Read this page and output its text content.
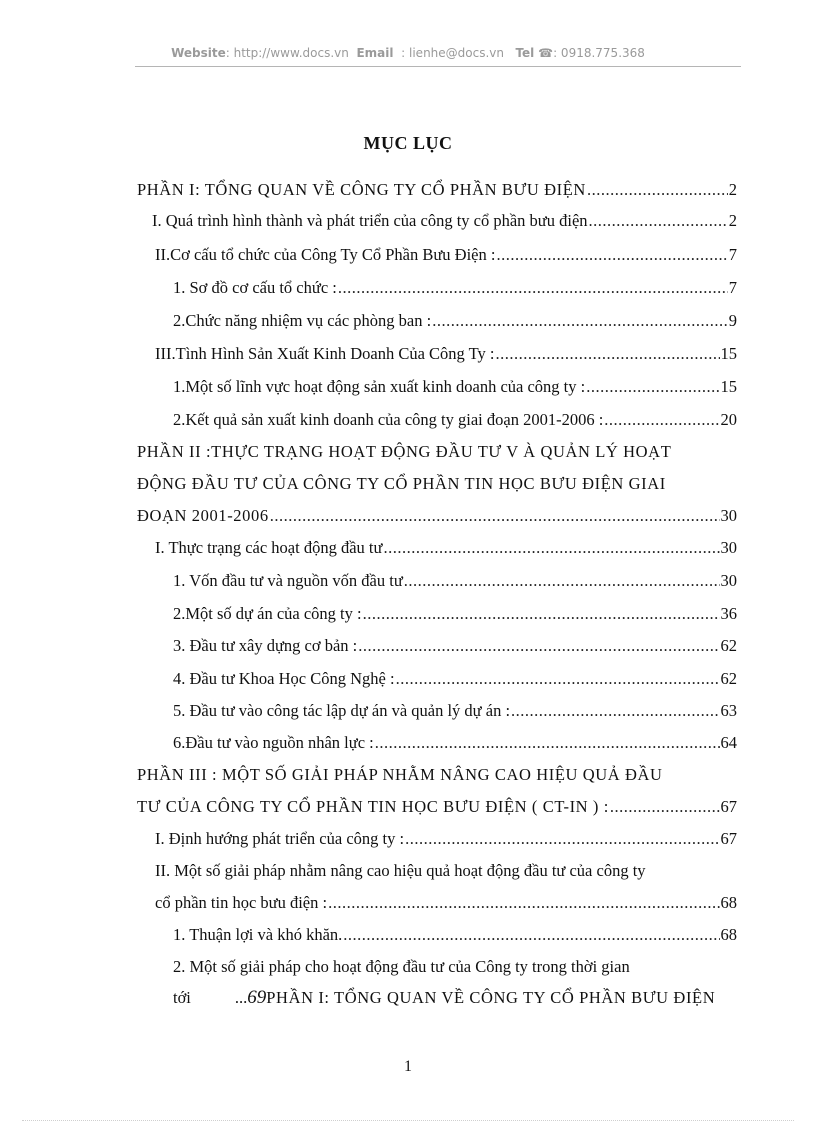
Website: http://www.docs.vn Email  : lienhe@docs.vn Tel ☎: 0918.775.368
MỤC LỤC
PHẦN I: TỔNG QUAN VỀ CÔNG TY CỔ PHẦN BƯU ĐIỆN .....	2
I. Quá trình hình thành và phát triển của công ty cổ phần bưu điện .....	2
II.Cơ cấu tổ chức của Công Ty Cổ Phần Bưu Điện : .....	7
1. Sơ đồ cơ cấu tổ chức : .....	7
2.Chức năng nhiệm vụ các phòng ban : .....	9
III.Tình Hình Sản Xuất Kinh Doanh Của Công Ty : .....	15
1.Một số lĩnh vực hoạt động sản xuất kinh doanh của công ty : .....	15
2.Kết quả sản xuất kinh doanh của công ty giai đoạn 2001-2006 : .....	20
PHẦN II :THỰC TRẠNG HOẠT ĐỘNG ĐẦU TƯ V À QUẢN LÝ HOẠT
ĐỘNG ĐẦU TƯ CỦA CÔNG TY CỔ PHẦN TIN HỌC BƯU ĐIỆN GIAI
ĐOẠN 2001-2006 .....	30
I. Thực trạng các hoạt động đầu tư .....	30
1. Vốn đầu tư và nguồn vốn đầu tư .....	30
2.Một số dự án của công ty : .....	36
3. Đầu tư xây dựng cơ bản : .....	62
4. Đầu tư Khoa Học Công Nghệ : .....	62
5. Đầu tư vào công tác lập dự án và quản lý dự án : .....	63
6.Đầu tư vào nguồn nhân lực : .....	64
PHẦN III : MỘT SỐ GIẢI PHÁP NHẰM NÂNG CAO HIỆU QUẢ ĐẦU
TƯ CỦA CÔNG TY CỔ PHẦN TIN HỌC BƯU ĐIỆN ( CT-IN ) : .....	67
I. Định hướng phát triển của công ty : .....	67
II. Một số giải pháp nhằm nâng cao hiệu quả hoạt động đầu tư của công ty
cổ phần tin học bưu điện : .....	68
1. Thuận lợi và khó khăn. .....	68
2. Một số giải pháp cho hoạt động đầu tư của Công ty trong thời gian
tới	...69PHẦN I: TỔNG QUAN VỀ CÔNG TY CỔ PHẦN BƯU ĐIỆN
1
